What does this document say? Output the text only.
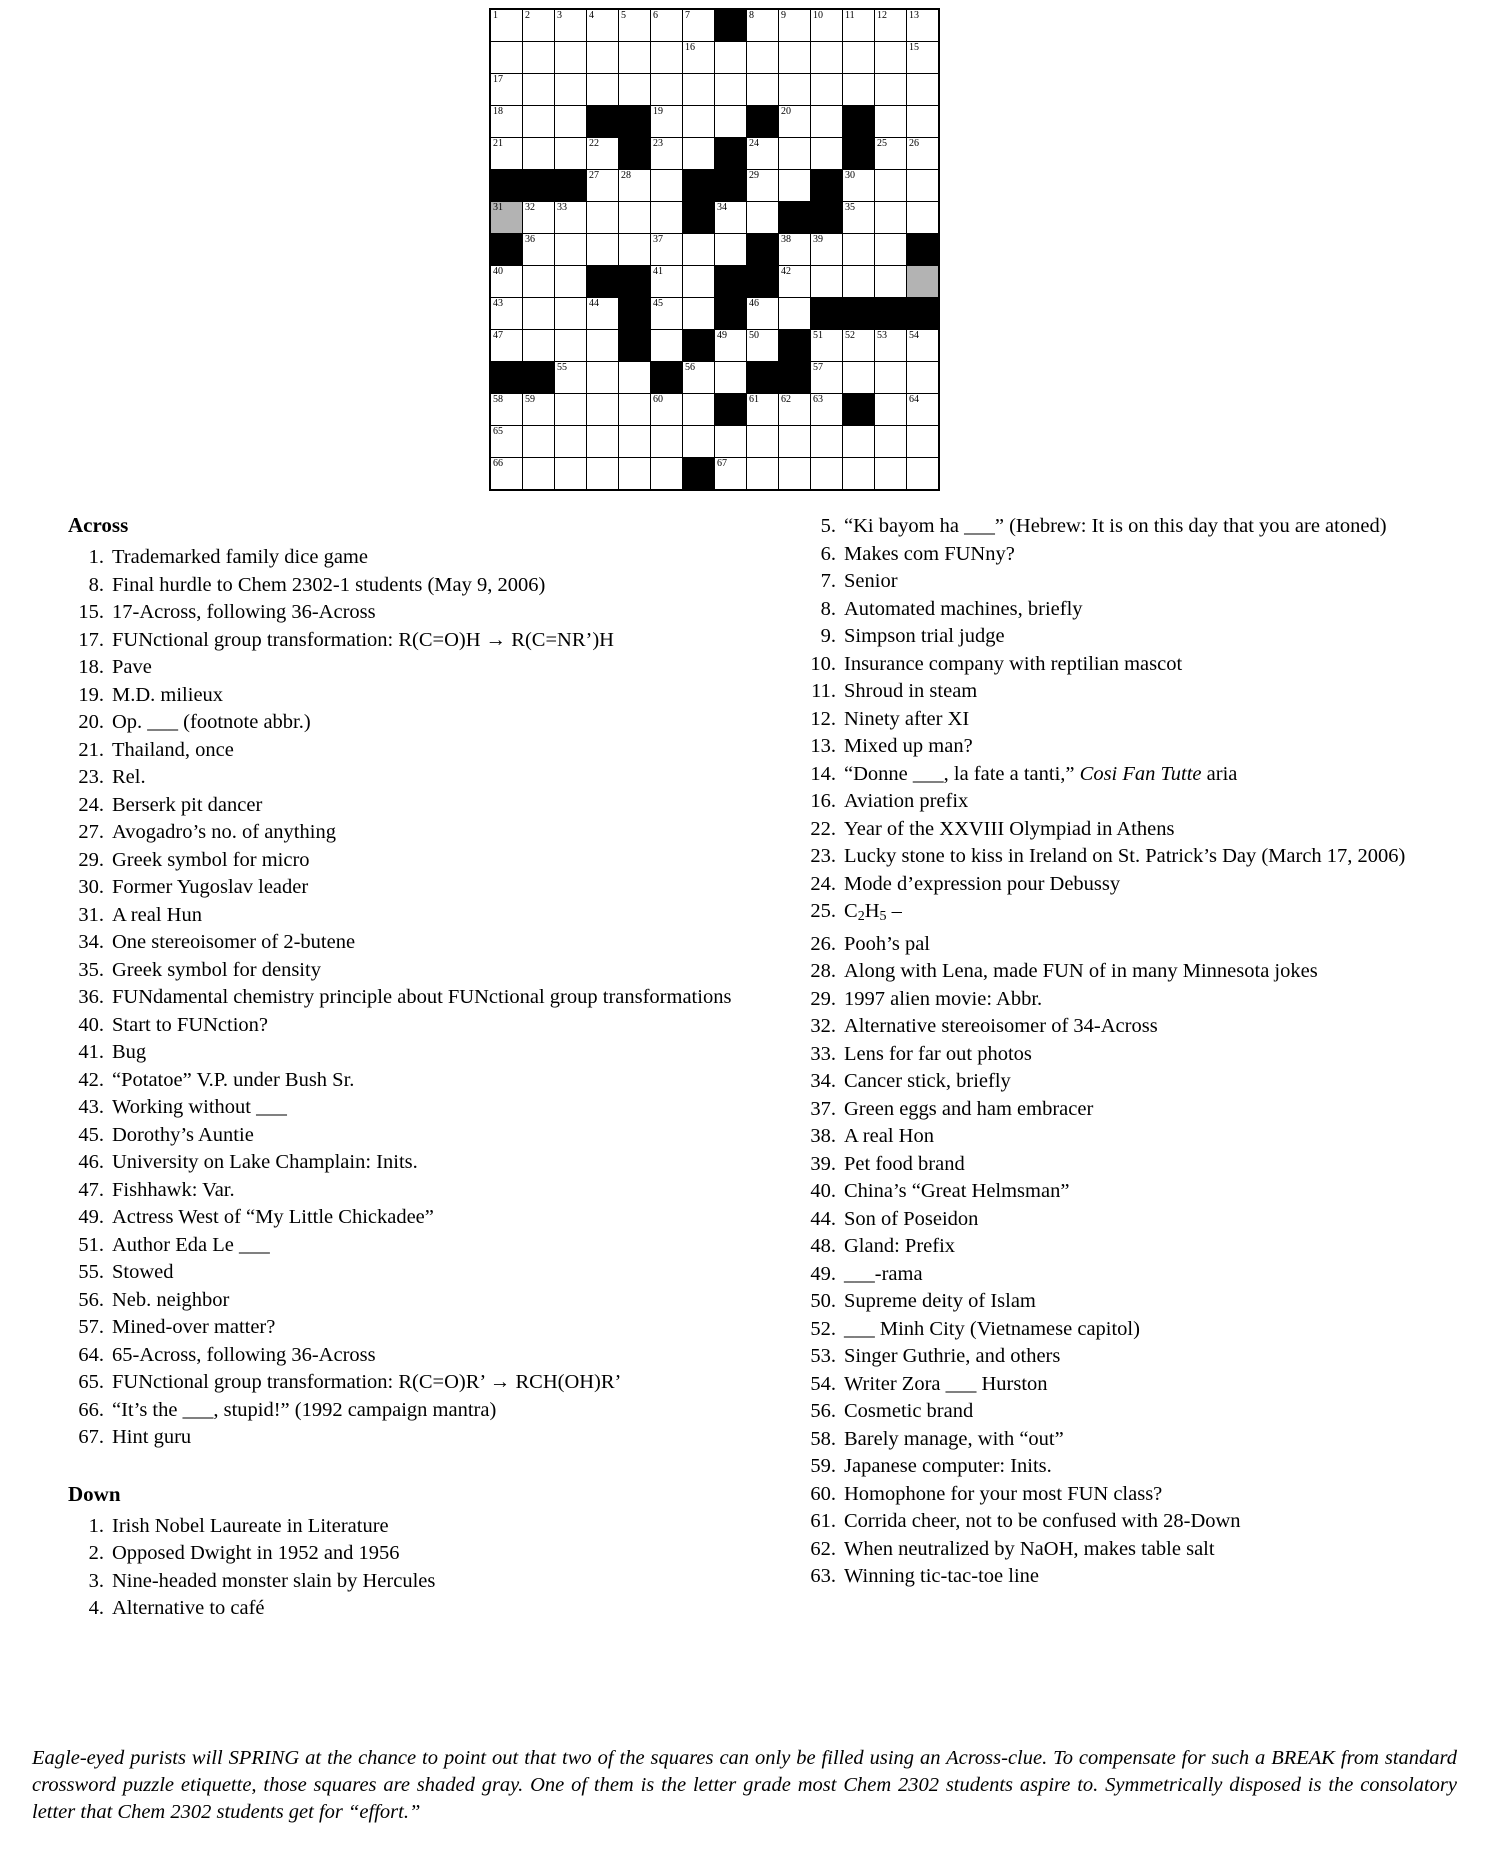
1	2	3	4	5	6	7		8	9	10	11	12	13

						16							15

17													

18					19				20				

21			22		23			24				25	26

			27	28				29			30		

31	32	33					34				35		

	36				37				38	39			

40					41				42				

43			44		45			46					

47				48			49	50		51	52	53	54

		55				56				57			

58	59				60			61	62	63			64

65													

66							67						

Across
1. Trademarked family dice game
8. Final hurdle to Chem 2302-1 students (May 9, 2006)
15. 17-Across, following 36-Across
17. FUNctional group transformation: R(C=O)H → R(C=NR’)H
18. Pave
19. M.D. milieux
20. Op. ___ (footnote abbr.)
21. Thailand, once
23. Rel.
24. Berserk pit dancer
27. Avogadro’s no. of anything
29. Greek symbol for micro
30. Former Yugoslav leader
31. A real Hun
34. One stereoisomer of 2-butene
35. Greek symbol for density
36. FUNdamental chemistry principle about FUNctional group transformations
40. Start to FUNction?
41. Bug
42. “Potatoe” V.P. under Bush Sr.
43. Working without ___
45. Dorothy’s Auntie
46. University on Lake Champlain: Inits.
47. Fishhawk: Var.
49. Actress West of “My Little Chickadee”
51. Author Eda Le ___
55. Stowed
56. Neb. neighbor
57. Mined-over matter?
64. 65-Across, following 36-Across
65. FUNctional group transformation: R(C=O)R’ → RCH(OH)R’
66. “It’s the ___, stupid!” (1992 campaign mantra)
67. Hint guru
Down
1. Irish Nobel Laureate in Literature
2. Opposed Dwight in 1952 and 1956
3. Nine-headed monster slain by Hercules
4. Alternative to café
5. “Ki bayom ha ___” (Hebrew: It is on this day that you are atoned)
6. Makes com FUNny?
7. Senior
8. Automated machines, briefly
9. Simpson trial judge
10. Insurance company with reptilian mascot
11. Shroud in steam
12. Ninety after XI
13. Mixed up man?
14. “Donne ___, la fate a tanti,” Cosi Fan Tutte aria
16. Aviation prefix
22. Year of the XXVIII Olympiad in Athens
23. Lucky stone to kiss in Ireland on St. Patrick’s Day (March 17, 2006)
24. Mode d’expression pour Debussy
25. $C_2H_5$ –
26. Pooh’s pal
28. Along with Lena, made FUN of in many Minnesota jokes
29. 1997 alien movie: Abbr.
32. Alternative stereoisomer of 34-Across
33. Lens for far out photos
34. Cancer stick, briefly
37. Green eggs and ham embracer
38. A real Hon
39. Pet food brand
40. China’s “Great Helmsman”
44. Son of Poseidon
48. Gland: Prefix
49. ___-rama
50. Supreme deity of Islam
52. ___ Minh City (Vietnamese capitol)
53. Singer Guthrie, and others
54. Writer Zora ___ Hurston
56. Cosmetic brand
58. Barely manage, with “out”
59. Japanese computer: Inits.
60. Homophone for your most FUN class?
61. Corrida cheer, not to be confused with 28-Down
62. When neutralized by NaOH, makes table salt
63. Winning tic-tac-toe line
Eagle-eyed purists will SPRING at the chance to point out that two of the squares can only be filled using an Across-clue. To compensate for such a BREAK from standard crossword puzzle etiquette, those squares are shaded gray. One of them is the letter grade most Chem 2302 students aspire to. Symmetrically disposed is the consolatory letter that Chem 2302 students get for “effort.”
